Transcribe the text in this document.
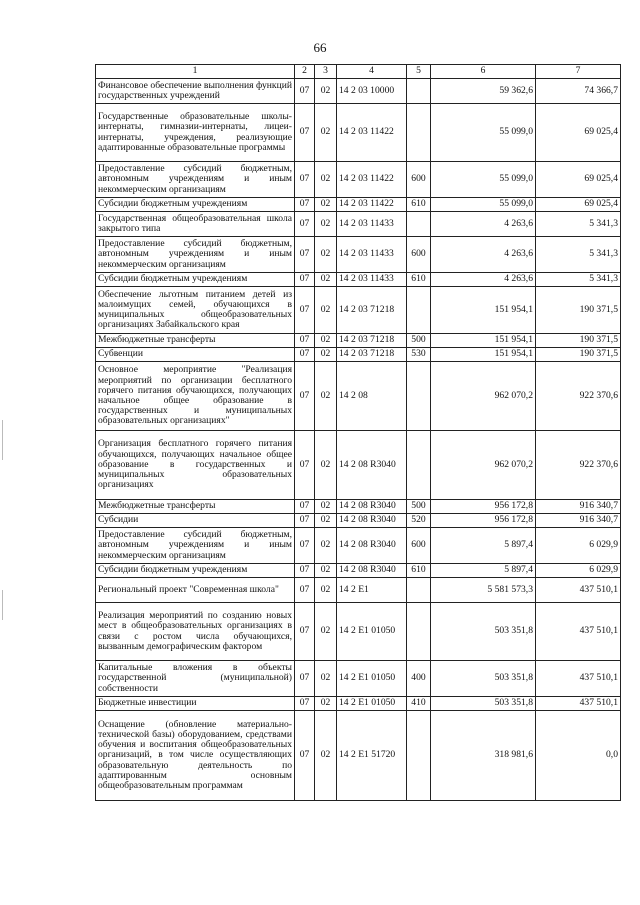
66
1	2	3	4	5	6	7
Финансовое обеспечение выполнения функций государственных учреждений	07	02	14 2 03 10000		59 362,6	74 366,7
Государственные образовательные школы-интернаты, гимназии-интернаты, лицеи-интернаты, учреждения, реализующие адаптированные образовательные программы	07	02	14 2 03 11422		55 099,0	69 025,4
Предоставление субсидий бюджетным, автономным учреждениям и иным некоммерческим организациям	07	02	14 2 03 11422	600	55 099,0	69 025,4
Субсидии бюджетным учреждениям	07	02	14 2 03 11422	610	55 099,0	69 025,4
Государственная общеобразовательная школа закрытого типа	07	02	14 2 03 11433		4 263,6	5 341,3
Предоставление субсидий бюджетным, автономным учреждениям и иным некоммерческим организациям	07	02	14 2 03 11433	600	4 263,6	5 341,3
Субсидии бюджетным учреждениям	07	02	14 2 03 11433	610	4 263,6	5 341,3
Обеспечение льготным питанием детей из малоимущих семей, обучающихся в муниципальных общеобразовательных организациях Забайкальского края	07	02	14 2 03 71218		151 954,1	190 371,5
Межбюджетные трансферты	07	02	14 2 03 71218	500	151 954,1	190 371,5
Субвенции	07	02	14 2 03 71218	530	151 954,1	190 371,5
Основное мероприятие "Реализация мероприятий по организации бесплатного горячего питания обучающихся, получающих начальное общее образование в государственных и муниципальных образовательных организациях"	07	02	14 2 08		962 070,2	922 370,6
Организация бесплатного горячего питания обучающихся, получающих начальное общее образование в государственных и муниципальных образовательных организациях	07	02	14 2 08 R3040		962 070,2	922 370,6
Межбюджетные трансферты	07	02	14 2 08 R3040	500	956 172,8	916 340,7
Субсидии	07	02	14 2 08 R3040	520	956 172,8	916 340,7
Предоставление субсидий бюджетным, автономным учреждениям и иным некоммерческим организациям	07	02	14 2 08 R3040	600	5 897,4	6 029,9
Субсидии бюджетным учреждениям	07	02	14 2 08 R3040	610	5 897,4	6 029,9
Региональный проект "Современная школа"	07	02	14 2 E1		5 581 573,3	437 510,1
Реализация мероприятий по созданию новых мест в общеобразовательных организациях в связи с ростом числа обучающихся, вызванным демографическим фактором	07	02	14 2 E1 01050		503 351,8	437 510,1
Капитальные вложения в объекты государственной (муниципальной) собственности	07	02	14 2 E1 01050	400	503 351,8	437 510,1
Бюджетные инвестиции	07	02	14 2 E1 01050	410	503 351,8	437 510,1
Оснащение (обновление материально-технической базы) оборудованием, средствами обучения и воспитания общеобразовательных организаций, в том числе осуществляющих образовательную деятельность по адаптированным основным общеобразовательным программам	07	02	14 2 E1 51720		318 981,6	0,0
